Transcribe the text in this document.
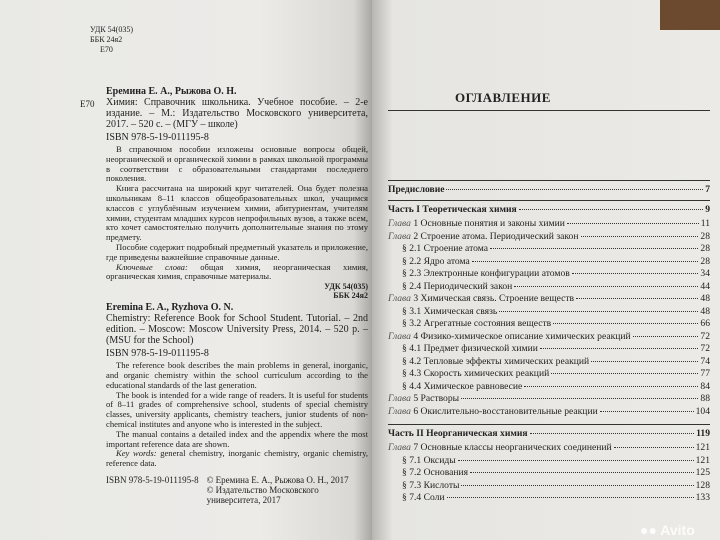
УДК 54(035)
ББК 24я2
Е70
Е70
Еремина Е. А., Рыжова О. Н.
Химия: Справочник школьника. Учебное пособие. – 2-е издание. – М.: Издательство Московского университета, 2017. – 520 с. – (МГУ – школе)
ISBN 978-5-19-011195-8
В справочном пособии изложены основные вопросы общей, неорганической и органической химии в рамках школьной программы в соответствии с образовательными стандартами последнего поколения.
Книга рассчитана на широкий круг читателей. Она будет полезна школьникам 8–11 классов общеобразовательных школ, учащимся классов с углублённым изучением химии, абитуриентам, учителям химии, студентам младших курсов непрофильных вузов, а также всем, кто хочет самостоятельно получить дополнительные знания по этому предмету.
Пособие содержит подробный предметный указатель и приложение, где приведены важнейшие справочные данные.
Ключевые слова: общая химия, неорганическая химия, органическая химия, справочные материалы.
УДК 54(035)
ББК 24я2
Eremina E. A., Ryzhova O. N.
Chemistry: Reference Book for School Student. Tutorial. – 2nd edition. – Moscow: Moscow University Press, 2014. – 520 p. – (MSU for the School)
ISBN 978-5-19-011195-8
The reference book describes the main problems in general, inorganic, and organic chemistry within the school curriculum according to the educational standards of the last generation.
The book is intended for a wide range of readers. It is useful for students of 8–11 grades of comprehensive school, students of special chemistry classes, university applicants, chemistry teachers, junior students of non-chemical institutes and anyone who is interested in the subject.
The manual contains a detailed index and the appendix where the most important reference data are shown.
Key words: general chemistry, inorganic chemistry, organic chemistry, reference data.
ISBN 978-5-19-011195-8 © Еремина Е. А., Рыжова О. Н., 2017
© Издательство Московского университета, 2017
ОГЛАВЛЕНИЕ
Предисловие	7
Часть I Теоретическая химия	9
Глава 1 Основные понятия и законы химии	11
Глава 2 Строение атома. Периодический закон	28
§ 2.1 Строение атома	28
§ 2.2 Ядро атома	28
§ 2.3 Электронные конфигурации атомов	34
§ 2.4 Периодический закон	44
Глава 3 Химическая связь. Строение веществ	48
§ 3.1 Химическая связь	48
§ 3.2 Агрегатные состояния веществ	66
Глава 4 Физико-химическое описание химических реакций	72
§ 4.1 Предмет физической химии	72
§ 4.2 Тепловые эффекты химических реакций	74
§ 4.3 Скорость химических реакций	77
§ 4.4 Химическое равновесие	84
Глава 5 Растворы	88
Глава 6 Окислительно-восстановительные реакции	104
Часть II Неорганическая химия	119
Глава 7 Основные классы неорганических соединений	121
§ 7.1 Оксиды	121
§ 7.2 Основания	125
§ 7.3 Кислоты	128
§ 7.4 Соли	133
●● Avito
